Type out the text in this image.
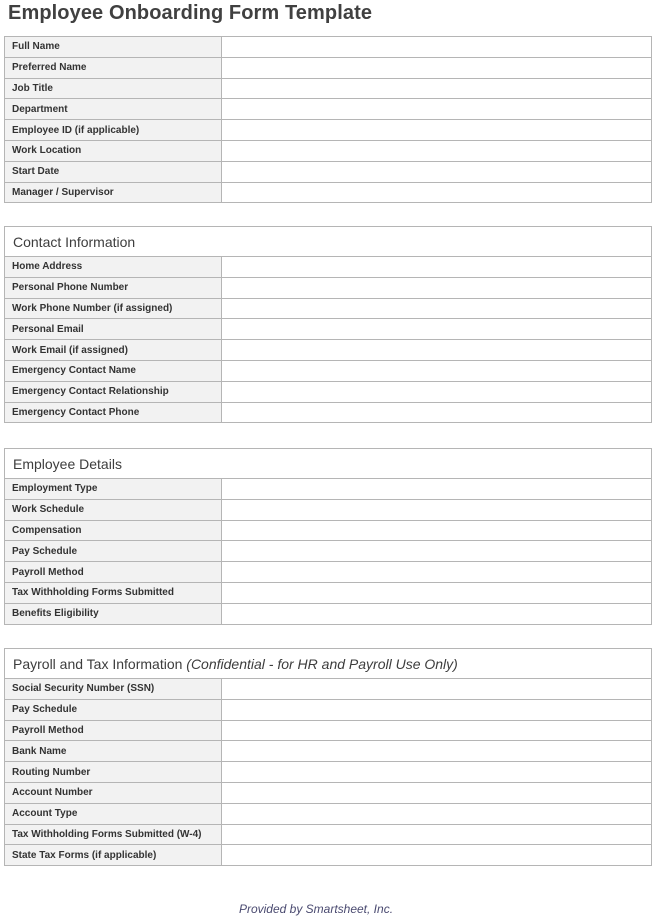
Employee Onboarding Form Template
Full Name	
Preferred Name	
Job Title	
Department	
Employee ID (if applicable)	
Work Location	
Start Date	
Manager / Supervisor	
Contact Information
Home Address	
Personal Phone Number	
Work Phone Number (if assigned)	
Personal Email	
Work Email (if assigned)	
Emergency Contact Name	
Emergency Contact Relationship	
Emergency Contact Phone	
Employee Details
Employment Type	
Work Schedule	
Compensation	
Pay Schedule	
Payroll Method	
Tax Withholding Forms Submitted	
Benefits Eligibility	
Payroll and Tax Information (Confidential - for HR and Payroll Use Only)
Social Security Number (SSN)	
Pay Schedule	
Payroll Method	
Bank Name	
Routing Number	
Account Number	
Account Type	
Tax Withholding Forms Submitted (W-4)	
State Tax Forms (if applicable)	
Provided by Smartsheet, Inc.
